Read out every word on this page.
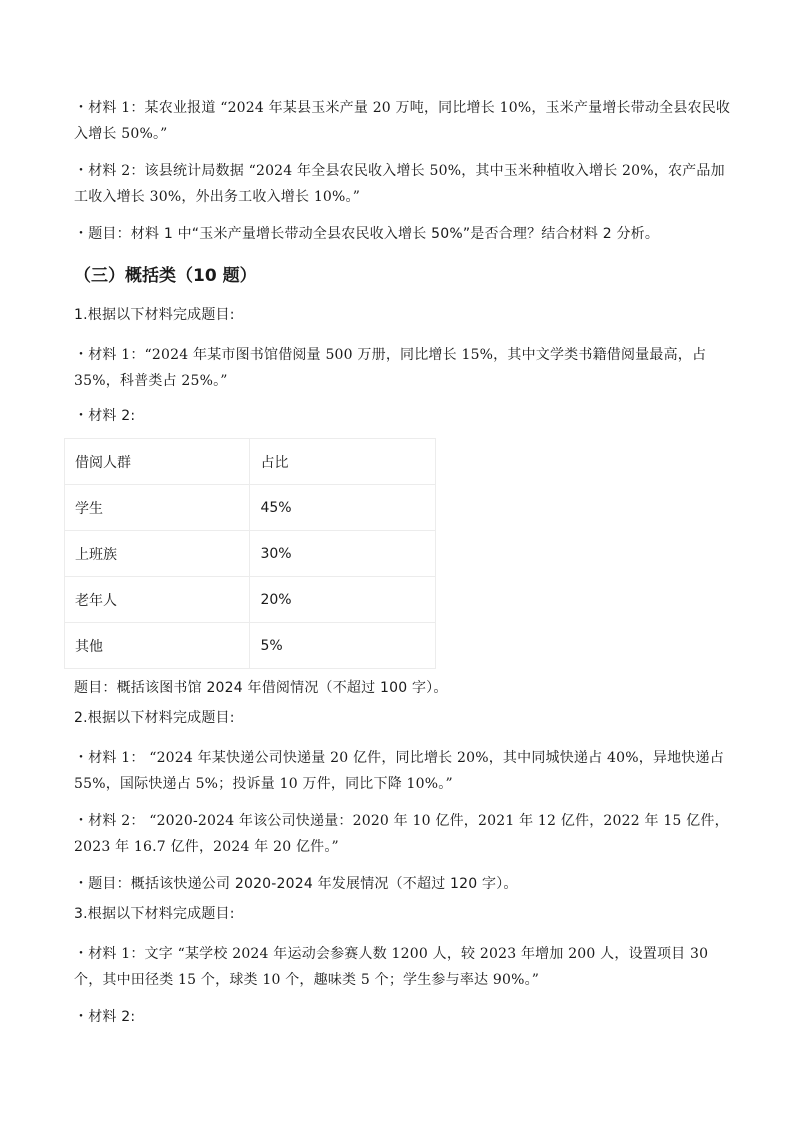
・材料 1：某农业报道 “2024 年某县玉米产量 20 万吨，同比增长 10%，玉米产量增长带动全县农民收入增长 50%。”

・材料 2：该县统计局数据 “2024 年全县农民收入增长 50%，其中玉米种植收入增长 20%，农产品加工收入增长 30%，外出务工收入增长 10%。”

・题目：材料 1 中“玉米产量增长带动全县农民收入增长 50%”是否合理？结合材料 2 分析。

（三）概括类（10 题）

1.根据以下材料完成题目:

・材料 1：“2024 年某市图书馆借阅量 500 万册，同比增长 15%，其中文学类书籍借阅量最高，占 35%，科普类占 25%。”

・材料 2:

借阅人群	占比
学生	45%
上班族	30%
老年人	20%
其他	5%

题目：概括该图书馆 2024 年借阅情况（不超过 100 字）。

2.根据以下材料完成题目:

・材料 1： “2024 年某快递公司快递量 20 亿件，同比增长 20%，其中同城快递占 40%，异地快递占 55%，国际快递占 5%；投诉量 10 万件，同比下降 10%。”

・材料 2： “2020-2024 年该公司快递量：2020 年 10 亿件，2021 年 12 亿件，2022 年 15 亿件，2023 年 16.7 亿件，2024 年 20 亿件。”

・题目：概括该快递公司 2020-2024 年发展情况（不超过 120 字）。

3.根据以下材料完成题目:

・材料 1：文字 “某学校 2024 年运动会参赛人数 1200 人，较 2023 年增加 200 人，设置项目 30 个，其中田径类 15 个，球类 10 个，趣味类 5 个；学生参与率达 90%。”

・材料 2:
